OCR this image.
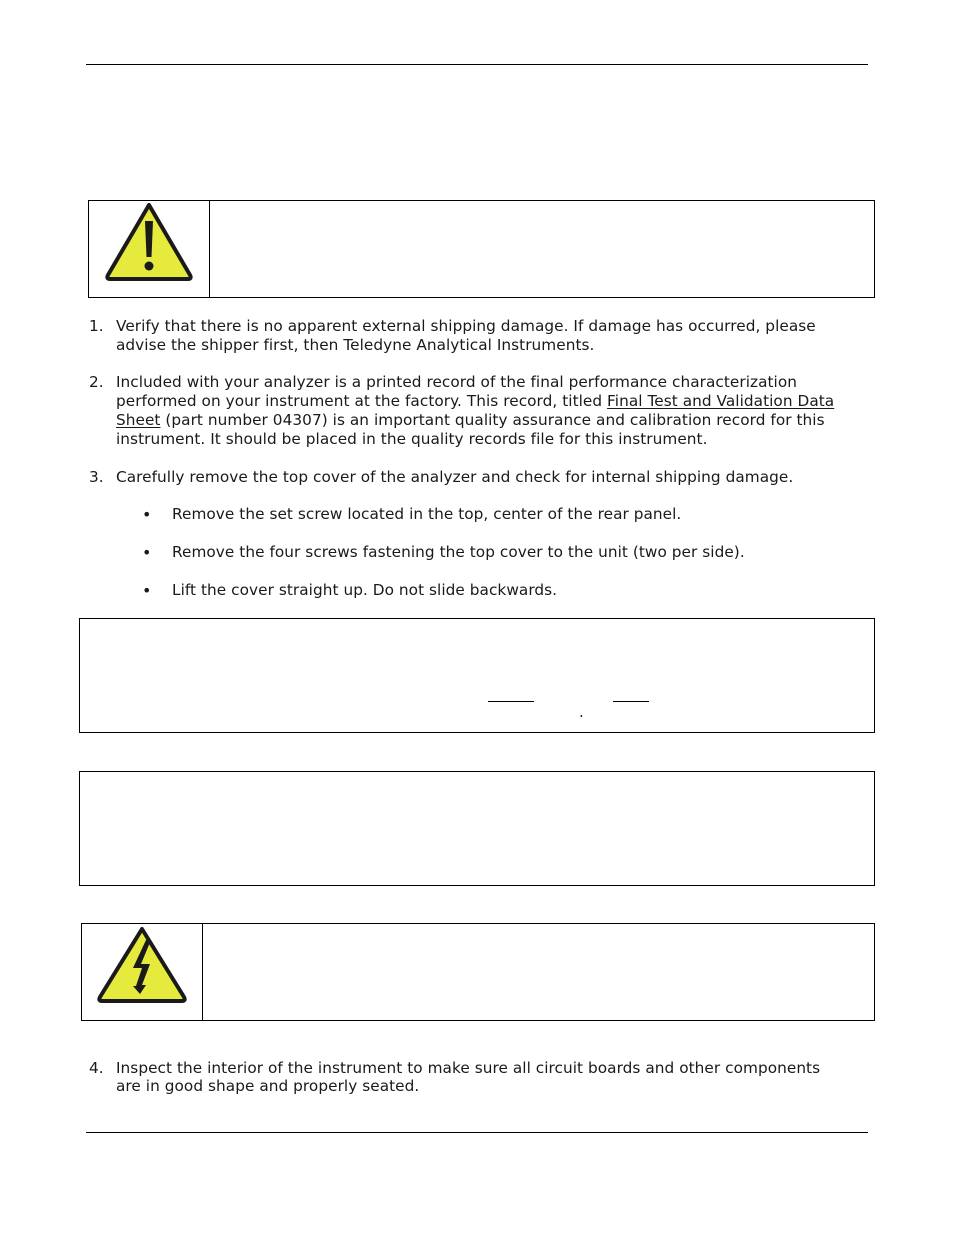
1. Verify that there is no apparent external shipping damage. If damage has occurred, please
advise the shipper first, then Teledyne Analytical Instruments.
2. Included with your analyzer is a printed record of the final performance characterization
performed on your instrument at the factory. This record, titled Final Test and Validation Data
Sheet (part number 04307) is an important quality assurance and calibration record for this
instrument. It should be placed in the quality records file for this instrument.
3. Carefully remove the top cover of the analyzer and check for internal shipping damage.
• Remove the set screw located in the top, center of the rear panel.
• Remove the four screws fastening the top cover to the unit (two per side).
• Lift the cover straight up. Do not slide backwards.
.
4. Inspect the interior of the instrument to make sure all circuit boards and other components
are in good shape and properly seated.
